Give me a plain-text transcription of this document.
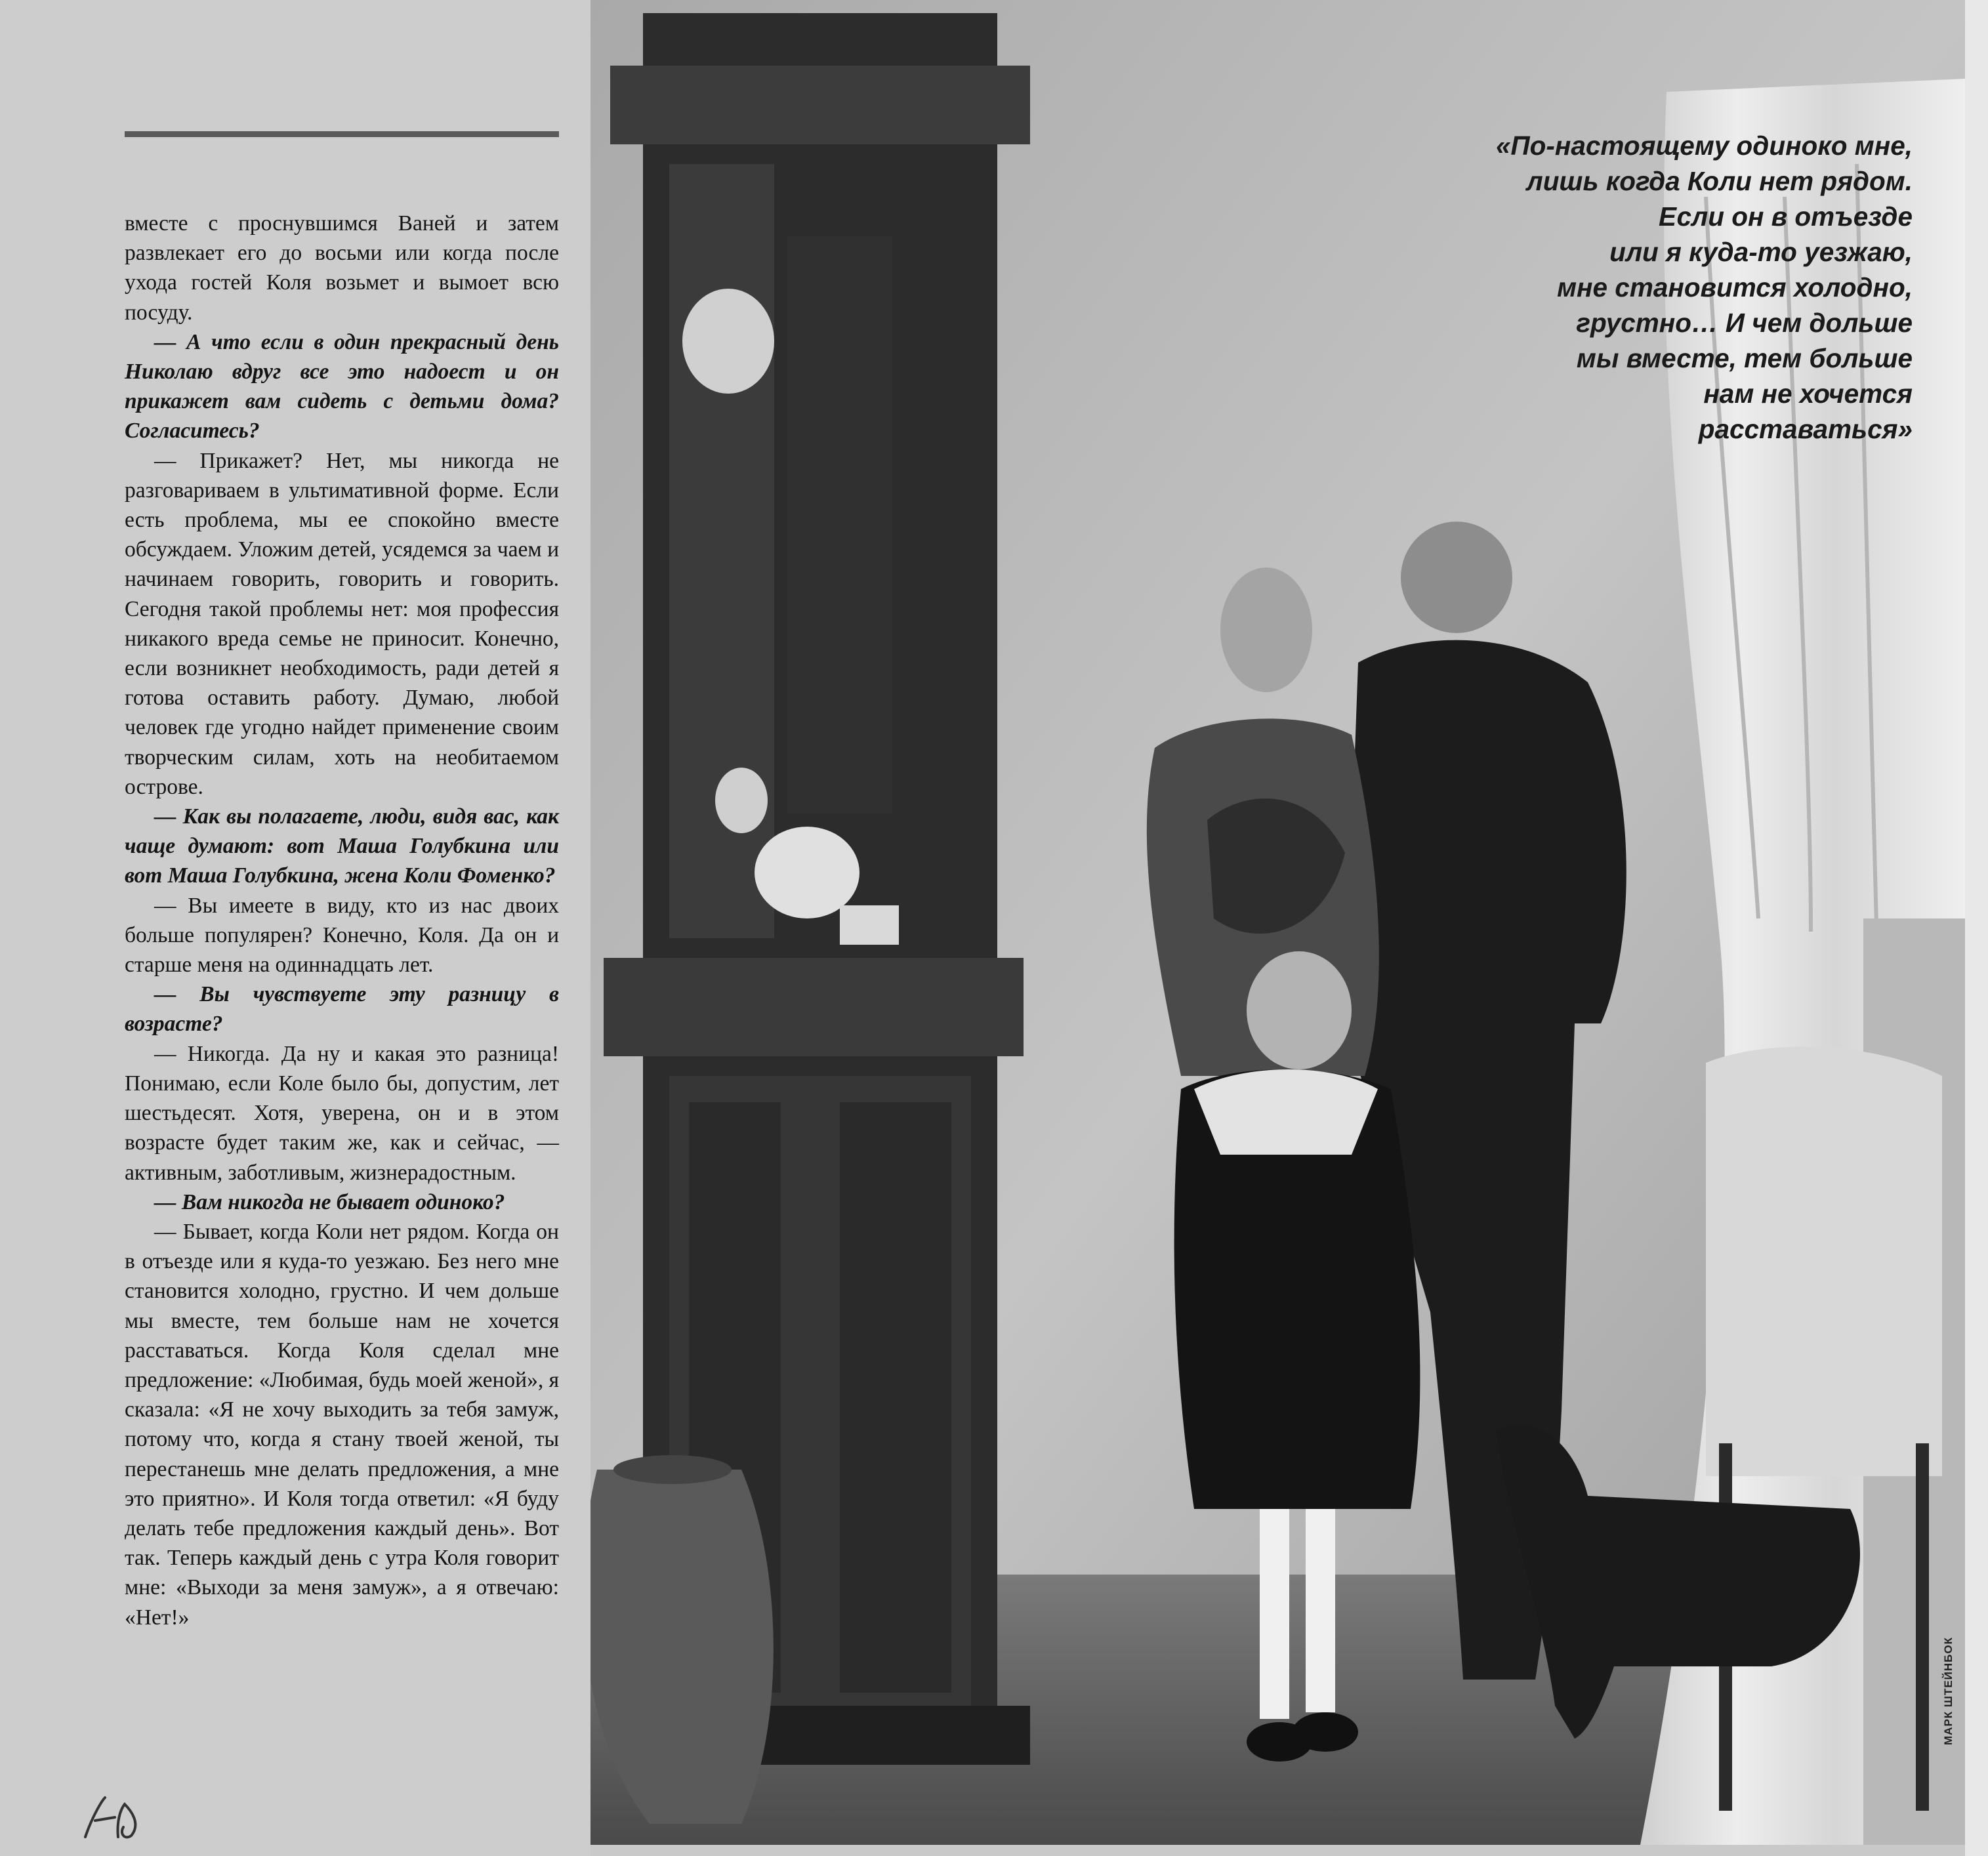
вместе с проснувшимся Ваней и затем развлекает его до восьми или когда после ухода гостей Коля возьмет и вымоет всю посуду.

— А что если в один прекрасный день Николаю вдруг все это надоест и он прикажет вам сидеть с детьми дома? Согласитесь?

— Прикажет? Нет, мы никогда не разговариваем в ультимативной форме. Если есть проблема, мы ее спокойно вместе обсуждаем. Уложим детей, усядемся за чаем и начинаем говорить, говорить и говорить. Сегодня такой проблемы нет: моя профессия никакого вреда семье не приносит. Конечно, если возникнет необходимость, ради детей я готова оставить работу. Думаю, любой человек где угодно найдет применение своим творческим силам, хоть на необитаемом острове.

— Как вы полагаете, люди, видя вас, как чаще думают: вот Маша Голубкина или вот Маша Голубкина, жена Коли Фоменко?

— Вы имеете в виду, кто из нас двоих больше популярен? Конечно, Коля. Да он и старше меня на одиннадцать лет.

— Вы чувствуете эту разницу в возрасте?

— Никогда. Да ну и какая это разница! Понимаю, если Коле было бы, допустим, лет шестьдесят. Хотя, уверена, он и в этом возрасте будет таким же, как и сейчас, — активным, заботливым, жизнерадостным.

— Вам никогда не бывает одиноко?

— Бывает, когда Коли нет рядом. Когда он в отъезде или я куда-то уезжаю. Без него мне становится холодно, грустно. И чем дольше мы вместе, тем больше нам не хочется расставаться. Когда Коля сделал мне предложение: «Любимая, будь моей женой», я сказала: «Я не хочу выходить за тебя замуж, потому что, когда я стану твоей женой, ты перестанешь мне делать предложения, а мне это приятно». И Коля тогда ответил: «Я буду делать тебе предложения каждый день». Вот так. Теперь каждый день с утра Коля говорит мне: «Выходи за меня замуж», а я отвечаю: «Нет!»

«По-настоящему одиноко мне,
лишь когда Коли нет рядом.
Если он в отъезде
или я куда-то уезжаю,
мне становится холодно,
грустно… И чем дольше
мы вместе, тем больше
нам не хочется
расставаться»
МАРК ШТЕЙНБОК
